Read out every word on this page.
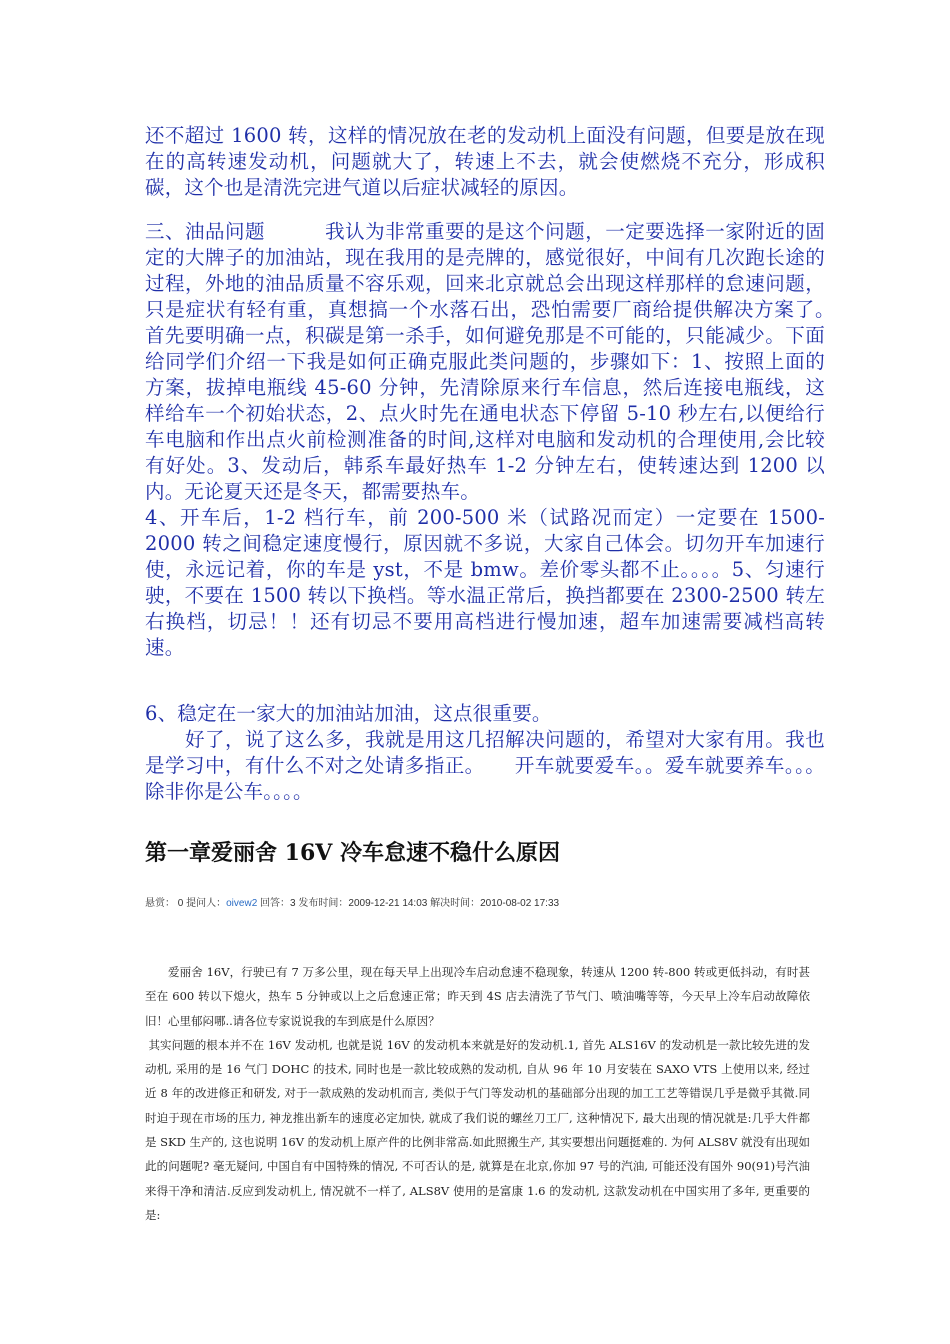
还不超过 1600 转，这样的情况放在老的发动机上面没有问题，但要是放在现在的高转速发动机，问题就大了，转速上不去，就会使燃烧不充分，形成积碳，这个也是清洗完进气道以后症状减轻的原因。

三、油品问题　　　我认为非常重要的是这个问题，一定要选择一家附近的固定的大牌子的加油站，现在我用的是壳牌的，感觉很好，中间有几次跑长途的过程，外地的油品质量不容乐观，回来北京就总会出现这样那样的怠速问题，只是症状有轻有重，真想搞一个水落石出，恐怕需要厂商给提供解决方案了。　　　首先要明确一点，积碳是第一杀手，如何避免那是不可能的，只能减少。下面给同学们介绍一下我是如何正确克服此类问题的，步骤如下：1、按照上面的方案，拔掉电瓶线 45-60 分钟，先清除原来行车信息，然后连接电瓶线，这样给车一个初始状态，2、点火时先在通电状态下停留 5-10 秒左右,以便给行车电脑和作出点火前检测准备的时间,这样对电脑和发动机的合理使用,会比较有好处。3、发动后，韩系车最好热车 1-2 分钟左右，使转速达到 1200 以内。无论夏天还是冬天，都需要热车。

4、开车后，1-2 档行车，前 200-500 米（试路况而定）一定要在 1500-2000 转之间稳定速度慢行，原因就不多说，大家自己体会。切勿开车加速行使，永远记着，你的车是 yst，不是 bmw。差价零头都不止。。。。5、匀速行驶，不要在 1500 转以下换档。等水温正常后，换挡都要在 2300-2500 转左右换档，切忌！！还有切忌不要用高档进行慢加速，超车加速需要减档高转速。

6、稳定在一家大的加油站加油，这点很重要。

　　好了，说了这么多，我就是用这几招解决问题的，希望对大家有用。我也是学习中，有什么不对之处请多指正。　　开车就要爱车。。爱车就要养车。。。除非你是公车。。。。

第一章爱丽舍 16V 冷车怠速不稳什么原因
悬赏： 0 提问人：oivew2 回答：3 发布时间：2009-12-21 14:03 解决时间：2010-08-02 17:33

爱丽舍 16V，行驶已有 7 万多公里，现在每天早上出现冷车启动怠速不稳现象，转速从 1200 转-800 转或更低抖动，有时甚至在 600 转以下熄火，热车 5 分钟或以上之后怠速正常；昨天到 4S 店去清洗了节气门、喷油嘴等等，今天早上冷车启动故障依旧！心里郁闷哪..请各位专家说说我的车到底是什么原因？

其实问题的根本并不在 16V 发动机, 也就是说 16V 的发动机本来就是好的发动机.1, 首先 ALS16V 的发动机是一款比较先进的发动机, 采用的是 16 气门 DOHC 的技术, 同时也是一款比较成熟的发动机, 自从 96 年 10 月安装在 SAXO VTS 上使用以来, 经过近 8 年的改进修正和研发, 对于一款成熟的发动机而言, 类似于气门等发动机的基础部分出现的加工工艺等错误几乎是微乎其微.同时迫于现在市场的压力, 神龙推出新车的速度必定加快, 就成了我们说的螺丝刀工厂, 这种情况下, 最大出现的情况就是:几乎大件都是 SKD 生产的, 这也说明 16V 的发动机上原产件的比例非常高.如此照搬生产, 其实要想出问题挺难的. 为何 ALS8V 就没有出现如此的问题呢? 毫无疑问, 中国自有中国特殊的情况, 不可否认的是, 就算是在北京,你加 97 号的汽油, 可能还没有国外 90(91)号汽油来得干净和清洁.反应到发动机上, 情况就不一样了, ALS8V 使用的是富康 1.6 的发动机, 这款发动机在中国实用了多年, 更重要的是:
